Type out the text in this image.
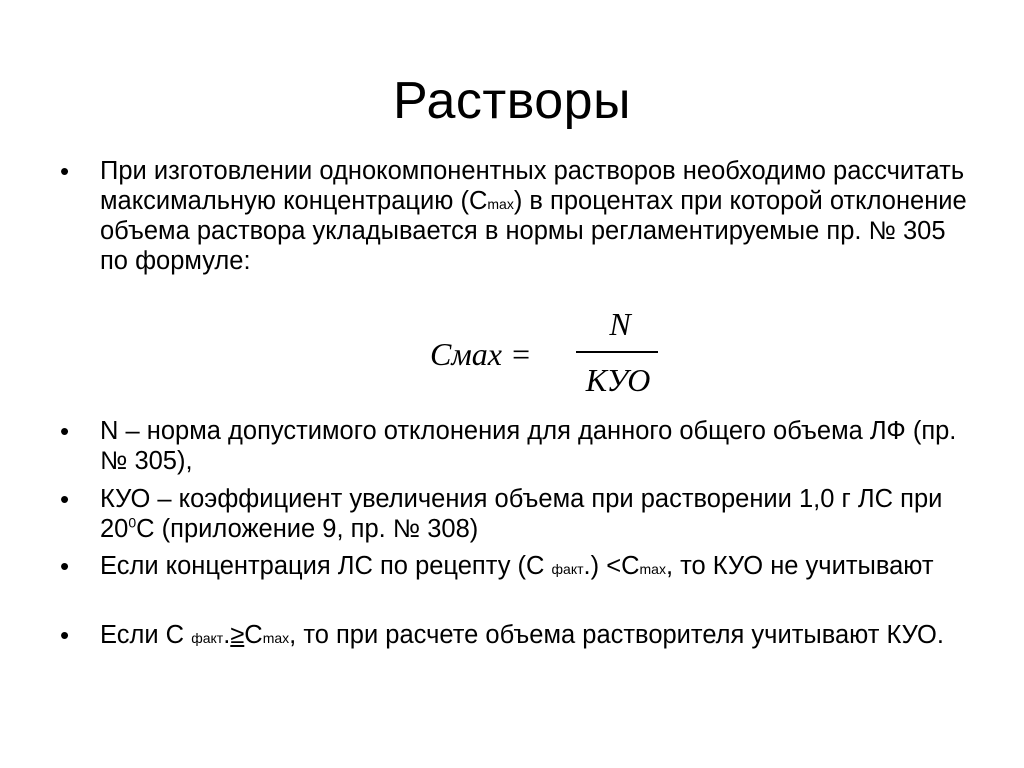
Растворы
•	При изготовлении однокомпонентных растворов необходимо рассчитать максимальную концентрацию (Cmax) в процентах при которой отклонение объема раствора укладывается в нормы регламентируемые пр. № 305 по формуле:
Cмах =
N
КУО
•	N – норма допустимого отклонения для данного общего объема ЛФ (пр. № 305),
•	КУО – коэффициент увеличения объема при растворении 1,0 г ЛС при $20^0С$ (приложение 9, пр. № 308)
•	Если концентрация ЛС по рецепту (С факт.) <Cmax, то КУО не учитывают
•	Если С факт.≥Cmax, то при расчете объема растворителя учитывают КУО.
